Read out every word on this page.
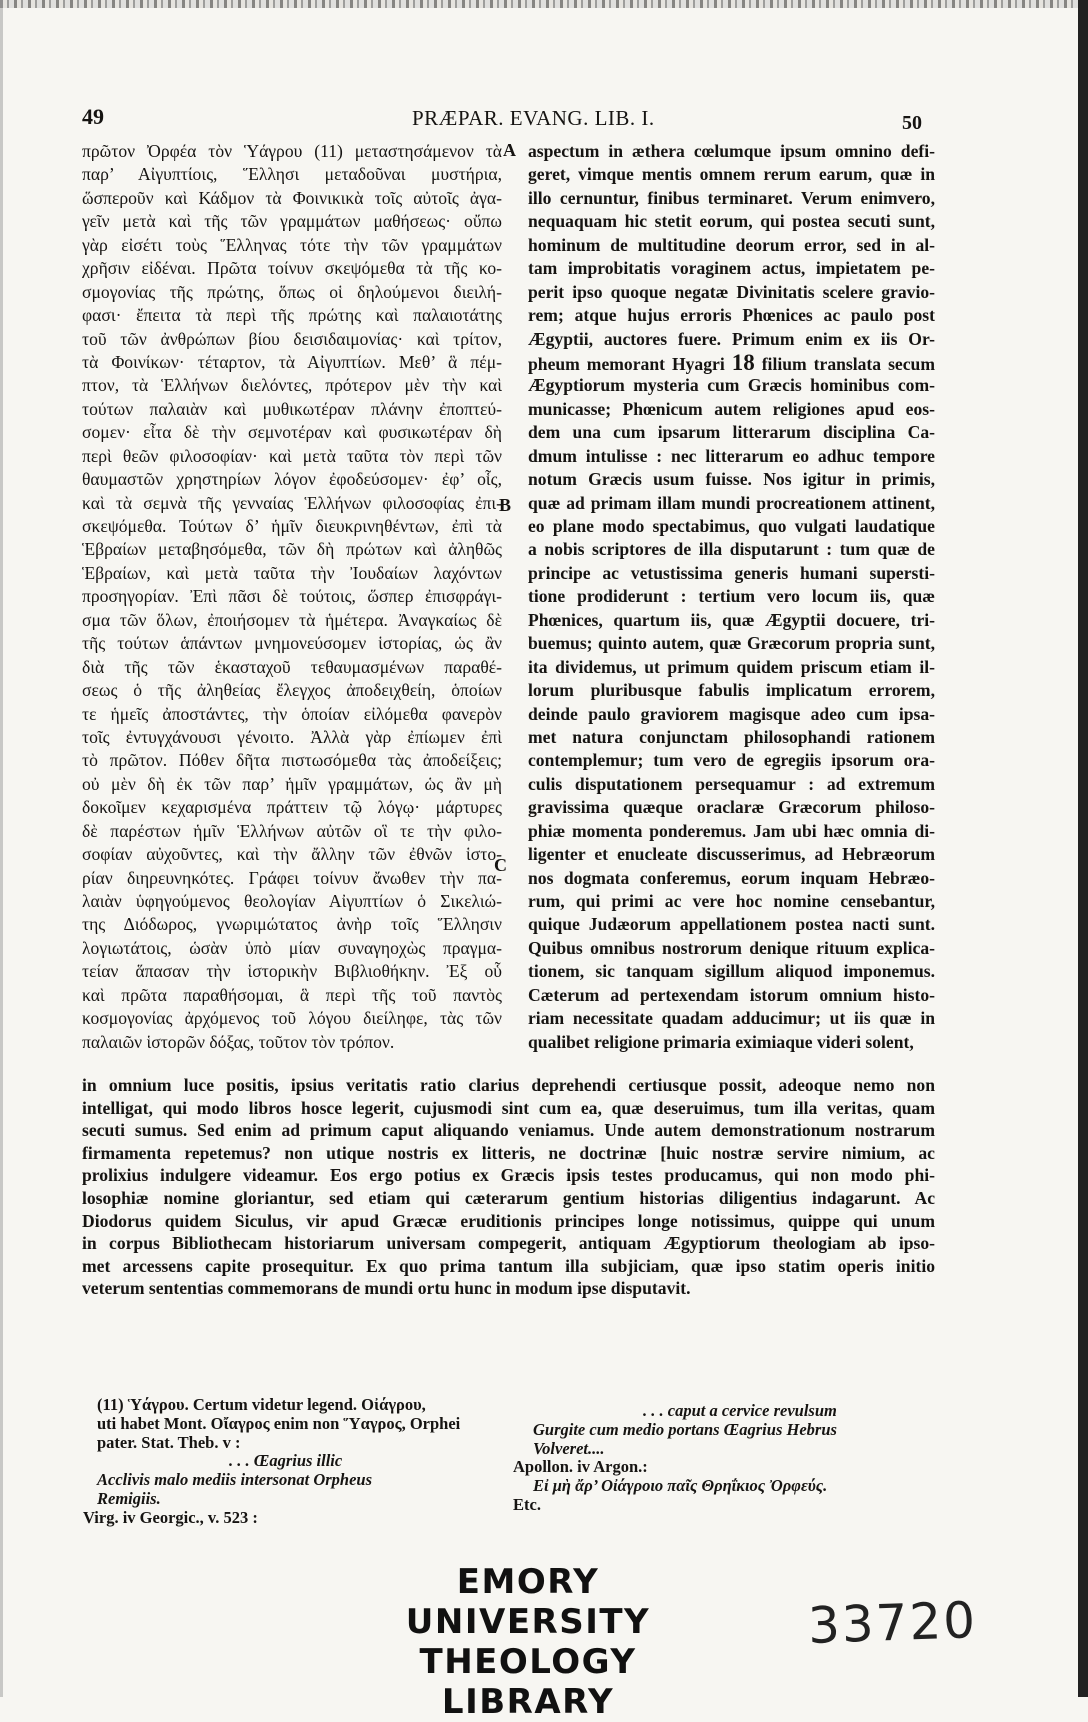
49	PRÆPAR. EVANG. LIB. I.	50
πρῶτον Ὀρφέα τὸν Ὑάγρου (11) μεταστησάμενον τὰ
παρ’ Αἰγυπτίοις, Ἕλλησι μεταδοῦναι μυστήρια,
ὥσπεροῦν καὶ Κάδμον τὰ Φοινικικὰ τοῖς αὐτοῖς ἀγα-
γεῖν μετὰ καὶ τῆς τῶν γραμμάτων μαθήσεως· οὔπω
γὰρ εἰσέτι τοὺς Ἕλληνας τότε τὴν τῶν γραμμάτων
χρῆσιν εἰδέναι. Πρῶτα τοίνυν σκεψόμεθα τὰ τῆς κο-
σμογονίας τῆς πρώτης, ὅπως οἱ δηλούμενοι διειλή-
φασι· ἔπειτα τὰ περὶ τῆς πρώτης καὶ παλαιοτάτης
τοῦ τῶν ἀνθρώπων βίου δεισιδαιμονίας· καὶ τρίτον,
τὰ Φοινίκων· τέταρτον, τὰ Αἰγυπτίων. Μεθ’ ἃ πέμ-
πτον, τὰ Ἑλλήνων διελόντες, πρότερον μὲν τὴν καὶ
τούτων παλαιὰν καὶ μυθικωτέραν πλάνην ἐποπτεύ-
σομεν· εἶτα δὲ τὴν σεμνοτέραν καὶ φυσικωτέραν δὴ
περὶ θεῶν φιλοσοφίαν· καὶ μετὰ ταῦτα τὸν περὶ τῶν
θαυμαστῶν χρηστηρίων λόγον ἐφοδεύσομεν· ἐφ’ οἷς,
καὶ τὰ σεμνὰ τῆς γενναίας Ἑλλήνων φιλοσοφίας ἐπι-
σκεψόμεθα. Τούτων δ’ ἡμῖν διευκρινηθέντων, ἐπὶ τὰ
Ἑβραίων μεταβησόμεθα, τῶν δὴ πρώτων καὶ ἀληθῶς
Ἑβραίων, καὶ μετὰ ταῦτα τὴν Ἰουδαίων λαχόντων
προσηγορίαν. Ἐπὶ πᾶσι δὲ τούτοις, ὥσπερ ἐπισφράγι-
σμα τῶν ὅλων, ἐποιήσομεν τὰ ἡμέτερα. Ἀναγκαίως δὲ
τῆς τούτων ἁπάντων μνημονεύσομεν ἱστορίας, ὡς ἂν
διὰ τῆς τῶν ἑκασταχοῦ τεθαυμασμένων παραθέ-
σεως ὁ τῆς ἀληθείας ἔλεγχος ἀποδειχθείη, ὁποίων
τε ἡμεῖς ἀποστάντες, τὴν ὁποίαν εἰλόμεθα φανερὸν
τοῖς ἐντυγχάνουσι γένοιτο. Ἀλλὰ γὰρ ἐπίωμεν ἐπὶ
τὸ πρῶτον. Πόθεν δῆτα πιστωσόμεθα τὰς ἀποδείξεις;
οὐ μὲν δὴ ἐκ τῶν παρ’ ἡμῖν γραμμάτων, ὡς ἂν μὴ
δοκοῖμεν κεχαρισμένα πράττειν τῷ λόγῳ· μάρτυρες
δὲ παρέστων ἡμῖν Ἑλλήνων αὐτῶν οἳ τε τὴν φιλο-
σοφίαν αὐχοῦντες, καὶ τὴν ἄλλην τῶν ἐθνῶν ἱστο-
ρίαν διηρευνηκότες. Γράφει τοίνυν ἄνωθεν τὴν πα-
λαιὰν ὑφηγούμενος θεολογίαν Αἰγυπτίων ὁ Σικελιώ-
της Διόδωρος, γνωριμώτατος ἀνὴρ τοῖς Ἕλλησιν
λογιωτάτοις, ὡσὰν ὑπὸ μίαν συναγηοχὼς πραγμα-
τείαν ἅπασαν τὴν ἱστορικὴν Βιβλιοθήκην. Ἐξ οὗ
καὶ πρῶτα παραθήσομαι, ἃ περὶ τῆς τοῦ παντὸς
κοσμογονίας ἀρχόμενος τοῦ λόγου διείληφε, τὰς τῶν
παλαιῶν ἱστορῶν δόξας, τοῦτον τὸν τρόπον.
aspectum in æthera cœlumque ipsum omnino defi-
geret, vimque mentis omnem rerum earum, quæ in
illo cernuntur, finibus terminaret. Verum enimvero,
nequaquam hic stetit eorum, qui postea secuti sunt,
hominum de multitudine deorum error, sed in al-
tam improbitatis voraginem actus, impietatem pe-
perit ipso quoque negatæ Divinitatis scelere gravio-
rem; atque hujus erroris Phœnices ac paulo post
Ægyptii, auctores fuere. Primum enim ex iis Or-
pheum memorant Hyagri 18 filium translata secum
Ægyptiorum mysteria cum Græcis hominibus com-
municasse; Phœnicum autem religiones apud eos-
dem una cum ipsarum litterarum disciplina Ca-
dmum intulisse : nec litterarum eo adhuc tempore
notum Græcis usum fuisse. Nos igitur in primis,
quæ ad primam illam mundi procreationem attinent,
eo plane modo spectabimus, quo vulgati laudatique
a nobis scriptores de illa disputarunt : tum quæ de
principe ac vetustissima generis humani supersti-
tione prodiderunt : tertium vero locum iis, quæ
Phœnices, quartum iis, quæ Ægyptii docuere, tri-
buemus; quinto autem, quæ Græcorum propria sunt,
ita dividemus, ut primum quidem priscum etiam il-
lorum pluribusque fabulis implicatum errorem,
deinde paulo graviorem magisque adeo cum ipsa-
met natura conjunctam philosophandi rationem
contemplemur; tum vero de egregiis ipsorum ora-
culis disputationem persequamur : ad extremum
gravissima quæque oraclaræ Græcorum philoso-
phiæ momenta ponderemus. Jam ubi hæc omnia di-
ligenter et enucleate discusserimus, ad Hebræorum
nos dogmata conferemus, eorum inquam Hebræo-
rum, qui primi ac vere hoc nomine censebantur,
quique Judæorum appellationem postea nacti sunt.
Quibus omnibus nostrorum denique rituum explica-
tionem, sic tanquam sigillum aliquod imponemus.
Cæterum ad pertexendam istorum omnium histo-
riam necessitate quadam adducimur; ut iis quæ in
qualibet religione primaria eximiaque videri solent,
A
B
C
in omnium luce positis, ipsius veritatis ratio clarius deprehendi certiusque possit, adeoque nemo non
intelligat, qui modo libros hosce legerit, cujusmodi sint cum ea, quæ deseruimus, tum illa veritas, quam
secuti sumus. Sed enim ad primum caput aliquando veniamus. Unde autem demonstrationum nostrarum
firmamenta repetemus? non utique nostris ex litteris, ne doctrinæ [huic nostræ servire nimium, ac
prolixius indulgere videamur. Eos ergo potius ex Græcis ipsis testes producamus, qui non modo phi-
losophiæ nomine gloriantur, sed etiam qui cæterarum gentium historias diligentius indagarunt. Ac
Diodorus quidem Siculus, vir apud Græcæ eruditionis principes longe notissimus, quippe qui unum
in corpus Bibliothecam historiarum universam compegerit, antiquam Ægyptiorum theologiam ab ipso-
met arcessens capite prosequitur. Ex quo prima tantum illa subjiciam, quæ ipso statim operis initio
veterum sententias commemorans de mundi ortu hunc in modum ipse disputavit.
(11) Ὑάγρου. Certum videtur legend. Οἰάγρου,
uti habet Mont. Οἴαγρος enim non Ὕαγρος, Orphei
pater. Stat. Theb. v :
. . . Œagrius illic
Acclivis malo mediis intersonat Orpheus
Remigiis.
Virg. iv Georgic., v. 523 :
. . . caput a cervice revulsum
Gurgite cum medio portans Œagrius Hebrus
Volveret....
Apollon. iv Argon.:
Εἰ μὴ ἄρ’ Οἰάγροιο παῖς Θρηΐκιος Ὀρφεύς.
Etc.
EMORY UNIVERSITY
THEOLOGY LIBRARY
33720
